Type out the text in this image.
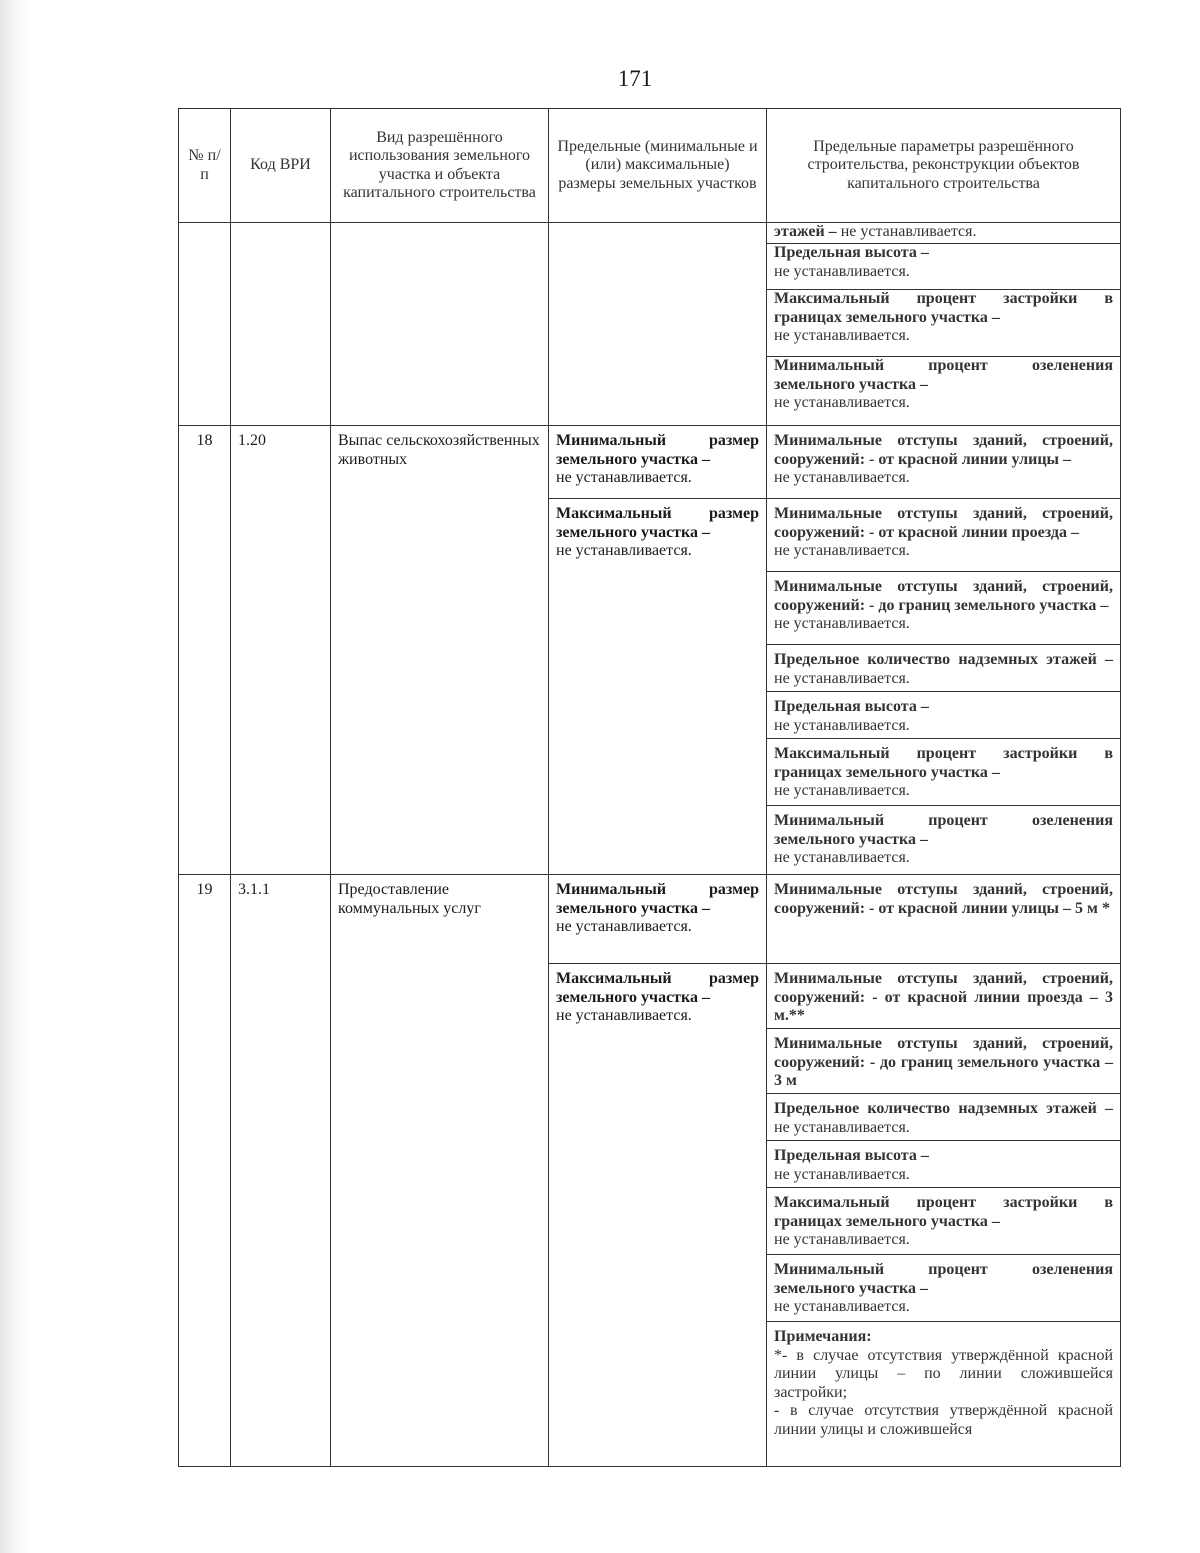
171
№ п/п	Код ВРИ	Вид разрешённого использования земельного участка и объекта капитального строительства	Предельные (минимальные и (или) максимальные) размеры земельных участков	Предельные параметры разрешённого строительства, реконструкции объектов капитального строительства
				этажей – не устанавливается.
				Предельная высота –
не устанавливается.
				Максимальный процент застройки в границах земельного участка –
не устанавливается.
				Минимальный процент озеленения земельного участка –
не устанавливается.
18	1.20	Выпас сельскохозяйственных животных	Минимальный размер земельного участка –
не устанавливается.	Минимальные отступы зданий, строений, сооружений: - от красной линии улицы –
не устанавливается.
			Максимальный размер земельного участка –
не устанавливается.	Минимальные отступы зданий, строений, сооружений: - от красной линии проезда –
не устанавливается.
				Минимальные отступы зданий, строений, сооружений: - до границ земельного участка –
не устанавливается.
				Предельное количество надземных этажей – не устанавливается.
				Предельная высота –
не устанавливается.
				Максимальный процент застройки в границах земельного участка –
не устанавливается.
				Минимальный процент озеленения земельного участка –
не устанавливается.
19	3.1.1	Предоставление коммунальных услуг	Минимальный размер земельного участка –
не устанавливается.	Минимальные отступы зданий, строений, сооружений: - от красной линии улицы – 5 м *
			Максимальный размер земельного участка –
не устанавливается.	Минимальные отступы зданий, строений, сооружений: - от красной линии проезда – 3 м.**
				Минимальные отступы зданий, строений, сооружений: - до границ земельного участка – 3 м
				Предельное количество надземных этажей – не устанавливается.
				Предельная высота –
не устанавливается.
				Максимальный процент застройки в границах земельного участка –
не устанавливается.
				Минимальный процент озеленения земельного участка –
не устанавливается.
				Примечания:
*- в случае отсутствия утверждённой красной линии улицы – по линии сложившейся застройки;
- в случае отсутствия утверждённой красной линии улицы и сложившейся
